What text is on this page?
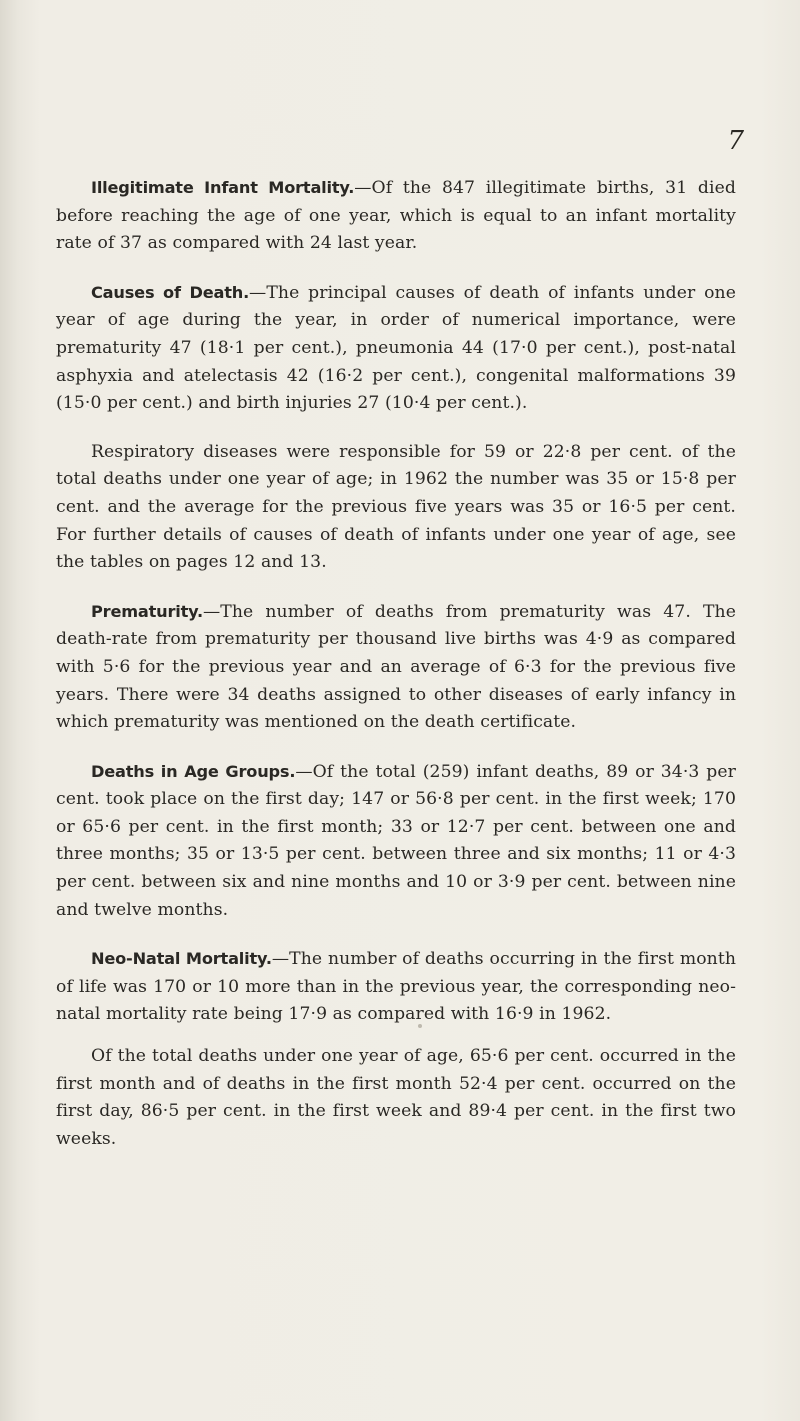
7

Illegitimate Infant Mortality.—Of the 847 illegitimate births, 31 died before reaching the age of one year, which is equal to an infant mortality rate of 37 as compared with 24 last year.

Causes of Death.—The principal causes of death of infants under one year of age during the year, in order of numerical importance, were prematurity 47 (18·1 per cent.), pneumonia 44 (17·0 per cent.), post-natal asphyxia and atelectasis 42 (16·2 per cent.), congenital malformations 39 (15·0 per cent.) and birth injuries 27 (10·4 per cent.).

Respiratory diseases were responsible for 59 or 22·8 per cent. of the total deaths under one year of age; in 1962 the number was 35 or 15·8 per cent. and the average for the previous five years was 35 or 16·5 per cent. For further details of causes of death of infants under one year of age, see the tables on pages 12 and 13.

Prematurity.—The number of deaths from prematurity was 47. The death-rate from prematurity per thousand live births was 4·9 as compared with 5·6 for the previous year and an average of 6·3 for the previous five years. There were 34 deaths assigned to other diseases of early infancy in which prematurity was mentioned on the death certificate.

Deaths in Age Groups.—Of the total (259) infant deaths, 89 or 34·3 per cent. took place on the first day; 147 or 56·8 per cent. in the first week; 170 or 65·6 per cent. in the first month; 33 or 12·7 per cent. between one and three months; 35 or 13·5 per cent. between three and six months; 11 or 4·3 per cent. between six and nine months and 10 or 3·9 per cent. between nine and twelve months.

Neo-Natal Mortality.—The number of deaths occurring in the first month of life was 170 or 10 more than in the previous year, the corresponding neo-natal mortality rate being 17·9 as compared with 16·9 in 1962.

Of the total deaths under one year of age, 65·6 per cent. occurred in the first month and of deaths in the first month 52·4 per cent. occurred on the first day, 86·5 per cent. in the first week and 89·4 per cent. in the first two weeks.
